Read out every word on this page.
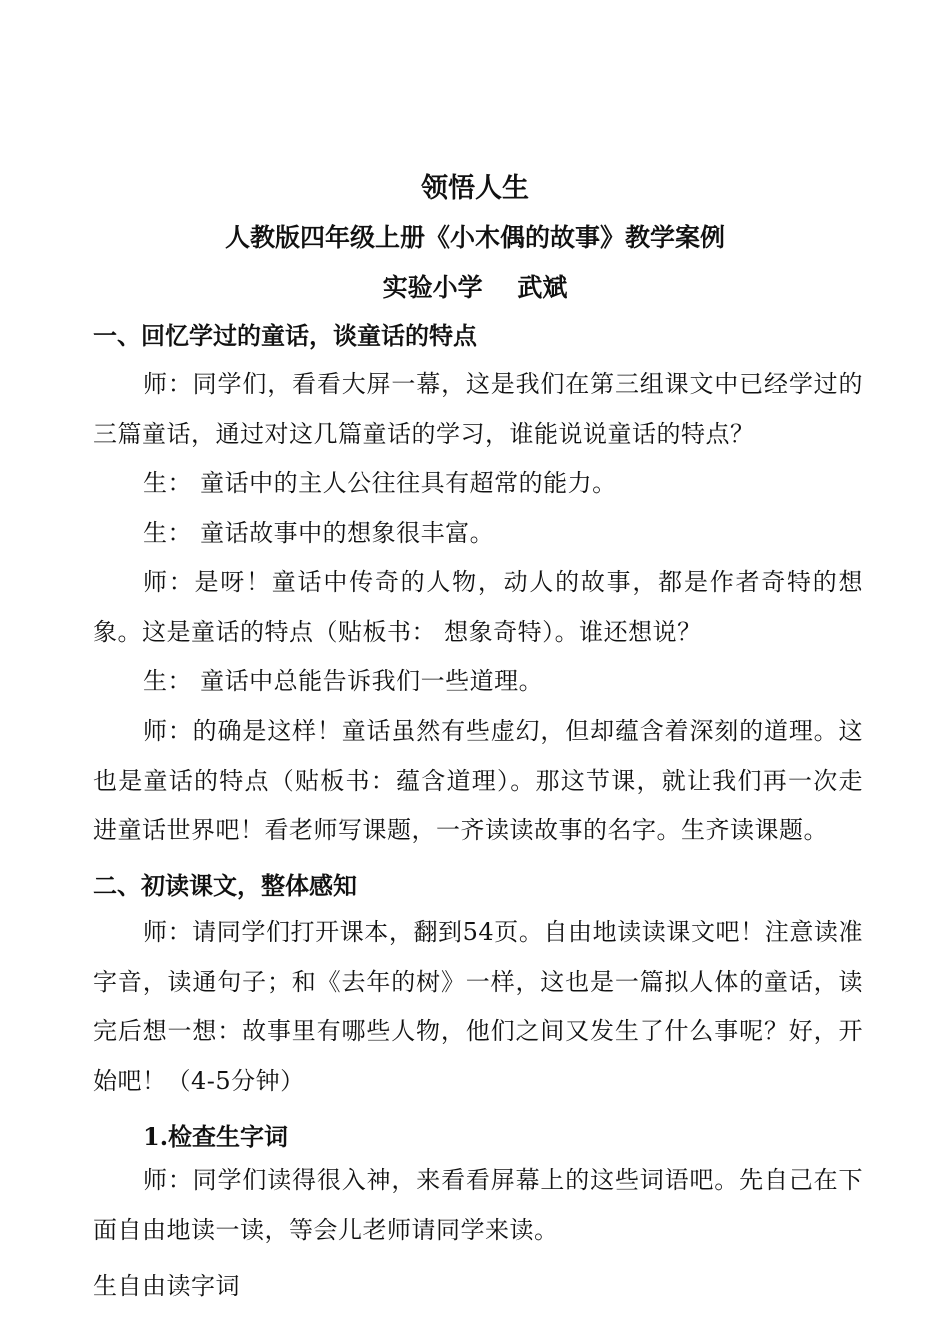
领悟人生
人教版四年级上册《小木偶的故事》教学案例
实验小学    武斌
一、回忆学过的童话，谈童话的特点

师：同学们，看看大屏一幕，这是我们在第三组课文中已经学过的三篇童话，通过对这几篇童话的学习，谁能说说童话的特点？

生： 童话中的主人公往往具有超常的能力。

生： 童话故事中的想象很丰富。

师：是呀！童话中传奇的人物，动人的故事，都是作者奇特的想象。这是童话的特点（贴板书： 想象奇特）。谁还想说？

生： 童话中总能告诉我们一些道理。

师：的确是这样！童话虽然有些虚幻，但却蕴含着深刻的道理。这也是童话的特点（贴板书：蕴含道理）。那这节课，就让我们再一次走进童话世界吧！看老师写课题，一齐读读故事的名字。生齐读课题。

二、初读课文，整体感知

师：请同学们打开课本，翻到54页。自由地读读课文吧！注意读准字音，读通句子；和《去年的树》一样，这也是一篇拟人体的童话，读完后想一想：故事里有哪些人物，他们之间又发生了什么事呢？好，开始吧！（4-5分钟）

1.检查生字词

师：同学们读得很入神，来看看屏幕上的这些词语吧。先自己在下面自由地读一读，等会儿老师请同学来读。

生自由读字词
